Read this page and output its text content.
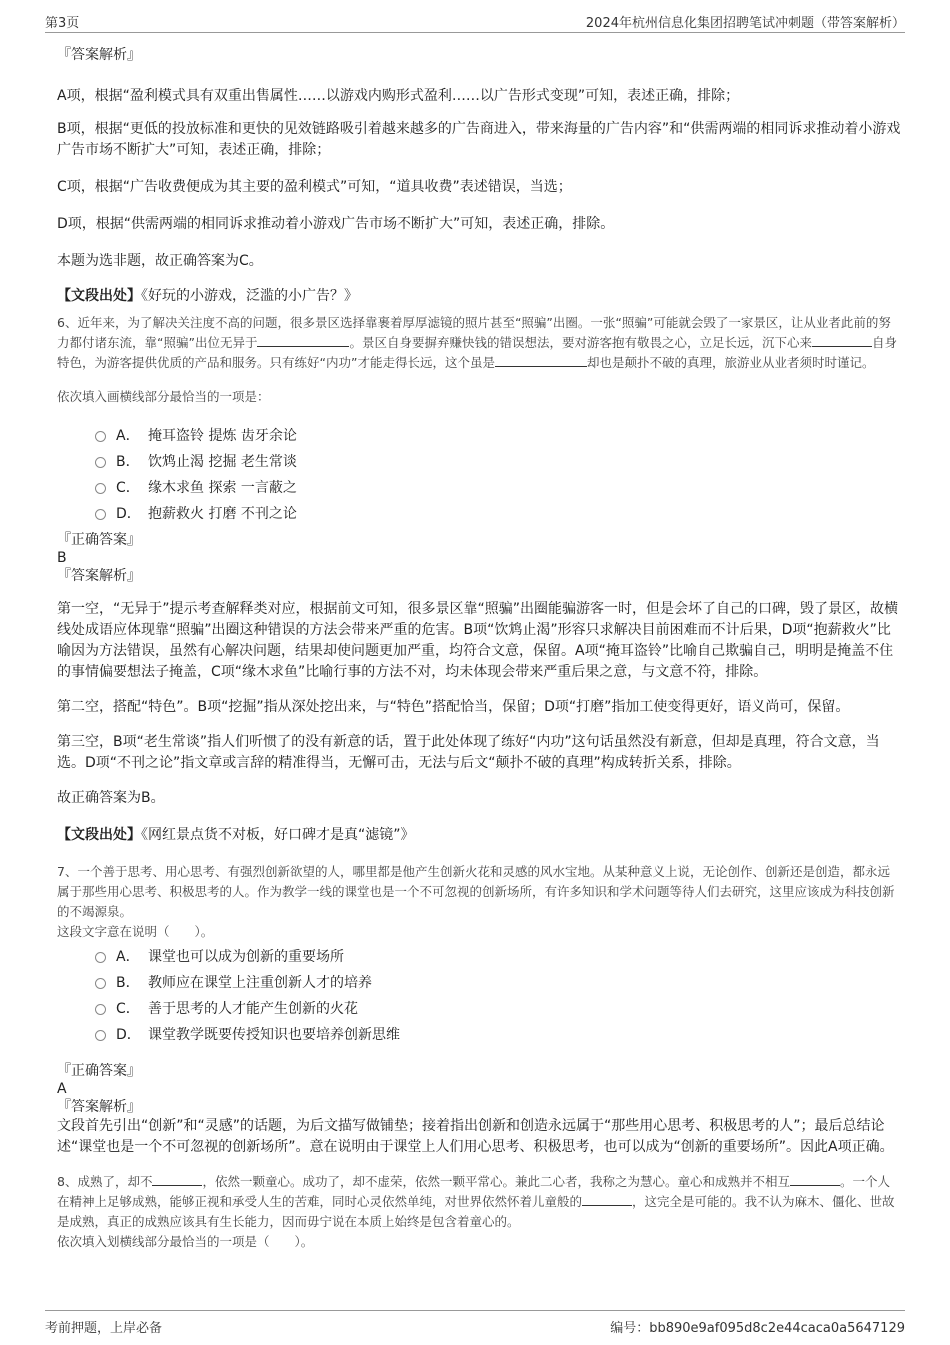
第3页	2024年杭州信息化集团招聘笔试冲刺题（带答案解析）
『答案解析』
A项，根据“盈利模式具有双重出售属性……以游戏内购形式盈利……以广告形式变现”可知，表述正确，排除；
B项，根据“更低的投放标准和更快的见效链路吸引着越来越多的广告商进入，带来海量的广告内容”和“供需两端的相同诉求推动着小游戏广告市场不断扩大”可知，表述正确，排除；
C项，根据“广告收费便成为其主要的盈利模式”可知，“道具收费”表述错误，当选；
D项，根据“供需两端的相同诉求推动着小游戏广告市场不断扩大”可知，表述正确，排除。
本题为选非题，故正确答案为C。
【文段出处】《好玩的小游戏，泛滥的小广告？》
6、近年来，为了解决关注度不高的问题，很多景区选择靠裹着厚厚滤镜的照片甚至“照骗”出圈。一张“照骗”可能就会毁了一家景区，让从业者此前的努力都付诸东流，靠“照骗”出位无异于	。景区自身要摒弃赚快钱的错误想法，要对游客抱有敬畏之心，立足长远，沉下心来	自身特色，为游客提供优质的产品和服务。只有练好“内功”才能走得长远，这个虽是	却也是颠扑不破的真理，旅游业从业者须时时谨记。
依次填入画横线部分最恰当的一项是：
A． 掩耳盗铃 提炼 齿牙余论
B． 饮鸩止渴 挖掘 老生常谈
C． 缘木求鱼 探索 一言蔽之
D． 抱薪救火 打磨 不刊之论
『正确答案』
B
『答案解析』
第一空，“无异于”提示考查解释类对应，根据前文可知，很多景区靠“照骗”出圈能骗游客一时，但是会坏了自己的口碑，毁了景区，故横线处成语应体现靠“照骗”出圈这种错误的方法会带来严重的危害。B项“饮鸩止渴”形容只求解决目前困难而不计后果，D项“抱薪救火”比喻因为方法错误，虽然有心解决问题，结果却使问题更加严重，均符合文意，保留。A项“掩耳盗铃”比喻自己欺骗自己，明明是掩盖不住的事情偏要想法子掩盖，C项“缘木求鱼”比喻行事的方法不对，均未体现会带来严重后果之意，与文意不符，排除。
第二空，搭配“特色”。B项“挖掘”指从深处挖出来，与“特色”搭配恰当，保留；D项“打磨”指加工使变得更好，语义尚可，保留。
第三空，B项“老生常谈”指人们听惯了的没有新意的话，置于此处体现了练好“内功”这句话虽然没有新意，但却是真理，符合文意，当选。D项“不刊之论”指文章或言辞的精准得当，无懈可击，无法与后文“颠扑不破的真理”构成转折关系，排除。
故正确答案为B。
【文段出处】《网红景点货不对板，好口碑才是真“滤镜”》
7、一个善于思考、用心思考、有强烈创新欲望的人，哪里都是他产生创新火花和灵感的风水宝地。从某种意义上说，无论创作、创新还是创造，都永远属于那些用心思考、积极思考的人。作为教学一线的课堂也是一个不可忽视的创新场所，有许多知识和学术问题等待人们去研究，这里应该成为科技创新的不竭源泉。
这段文字意在说明（　　）。
A． 课堂也可以成为创新的重要场所
B． 教师应在课堂上注重创新人才的培养
C． 善于思考的人才能产生创新的火花
D． 课堂教学既要传授知识也要培养创新思维
『正确答案』
A
『答案解析』
文段首先引出“创新”和“灵感”的话题，为后文描写做铺垫；接着指出创新和创造永远属于“那些用心思考、积极思考的人”；最后总结论述“课堂也是一个不可忽视的创新场所”。意在说明由于课堂上人们用心思考、积极思考，也可以成为“创新的重要场所”。因此A项正确。
8、成熟了，却不	，依然一颗童心。成功了，却不虚荣，依然一颗平常心。兼此二心者，我称之为慧心。童心和成熟并不相互	。一个人在精神上足够成熟，能够正视和承受人生的苦难，同时心灵依然单纯，对世界依然怀着儿童般的	，这完全是可能的。我不认为麻木、僵化、世故是成熟，真正的成熟应该具有生长能力，因而毋宁说在本质上始终是包含着童心的。
依次填入划横线部分最恰当的一项是（　　）。
考前押题，上岸必备	编号：bb890e9af095d8c2e44caca0a5647129
